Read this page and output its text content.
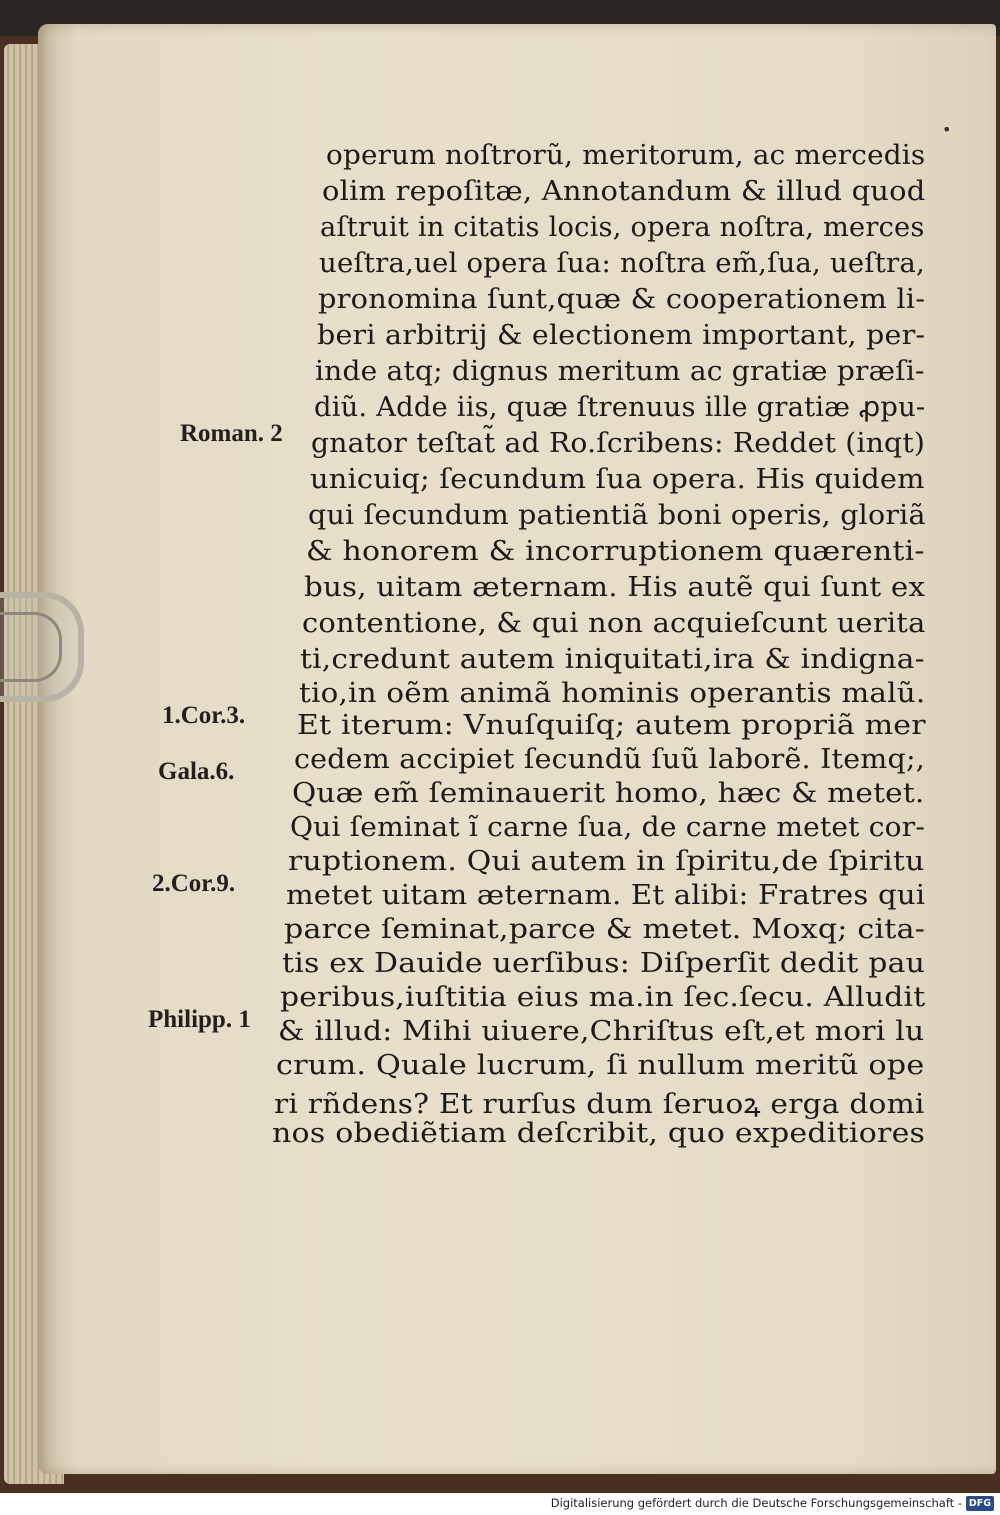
•
operum noſtrorũ, meritorum, ac mercedis
olim repoſitæ, Annotandum & illud quod
aſtruit in citatis locis, opera noſtra, merces
ueſtra,uel opera ſua: noſtra em̃,ſua, ueſtra,
pronomina ſunt,quæ & cooperationem li-
beri arbitrij & electionem important, per-
inde atq; dignus meritum ac gratiæ præſi-
diũ. Adde iis, quæ ſtrenuus ille gratiæ ꝓpu-
gnator teſtat̃ ad Ro.ſcribens: Reddet (inqt)
unicuiq; ſecundum ſua opera. His quidem
qui ſecundum patientiã boni operis, gloriã
& honorem & incorruptionem quærenti-
bus, uitam æternam. His autẽ qui ſunt ex
contentione, & qui non acquieſcunt uerita
ti,credunt autem iniquitati,ira & indigna-
tio,in oẽm animã hominis operantis malũ.
Et iterum: Vnuſquiſq; autem propriã mer
cedem accipiet ſecundũ ſuũ laborẽ. Itemq;,
Quæ em̃ ſeminauerit homo, hæc & metet.
Qui ſeminat ĩ carne ſua, de carne metet cor-
ruptionem. Qui autem in ſpiritu,de ſpiritu
metet uitam æternam. Et alibi: Fratres qui
parce ſeminat,parce & metet. Moxq; cita-
tis ex Dauide uerſibus: Diſperſit dedit pau
peribus,iuſtitia eius ma.in ſec.ſecu. Alludit
& illud: Mihi uiuere,Chriſtus eſt,et mori lu
crum. Quale lucrum, ſi nullum meritũ ope
ri rñdens? Et rurſus dum ſeruoꝝ erga domi
nos obediẽtiam deſcribit, quo expeditiores
Roman. 2
1.Cor.3.
Gala.6.
2.Cor.9.
Philipp. 1
Digitalisierung gefördert durch die Deutsche Forschungsgemeinschaft - DFG
